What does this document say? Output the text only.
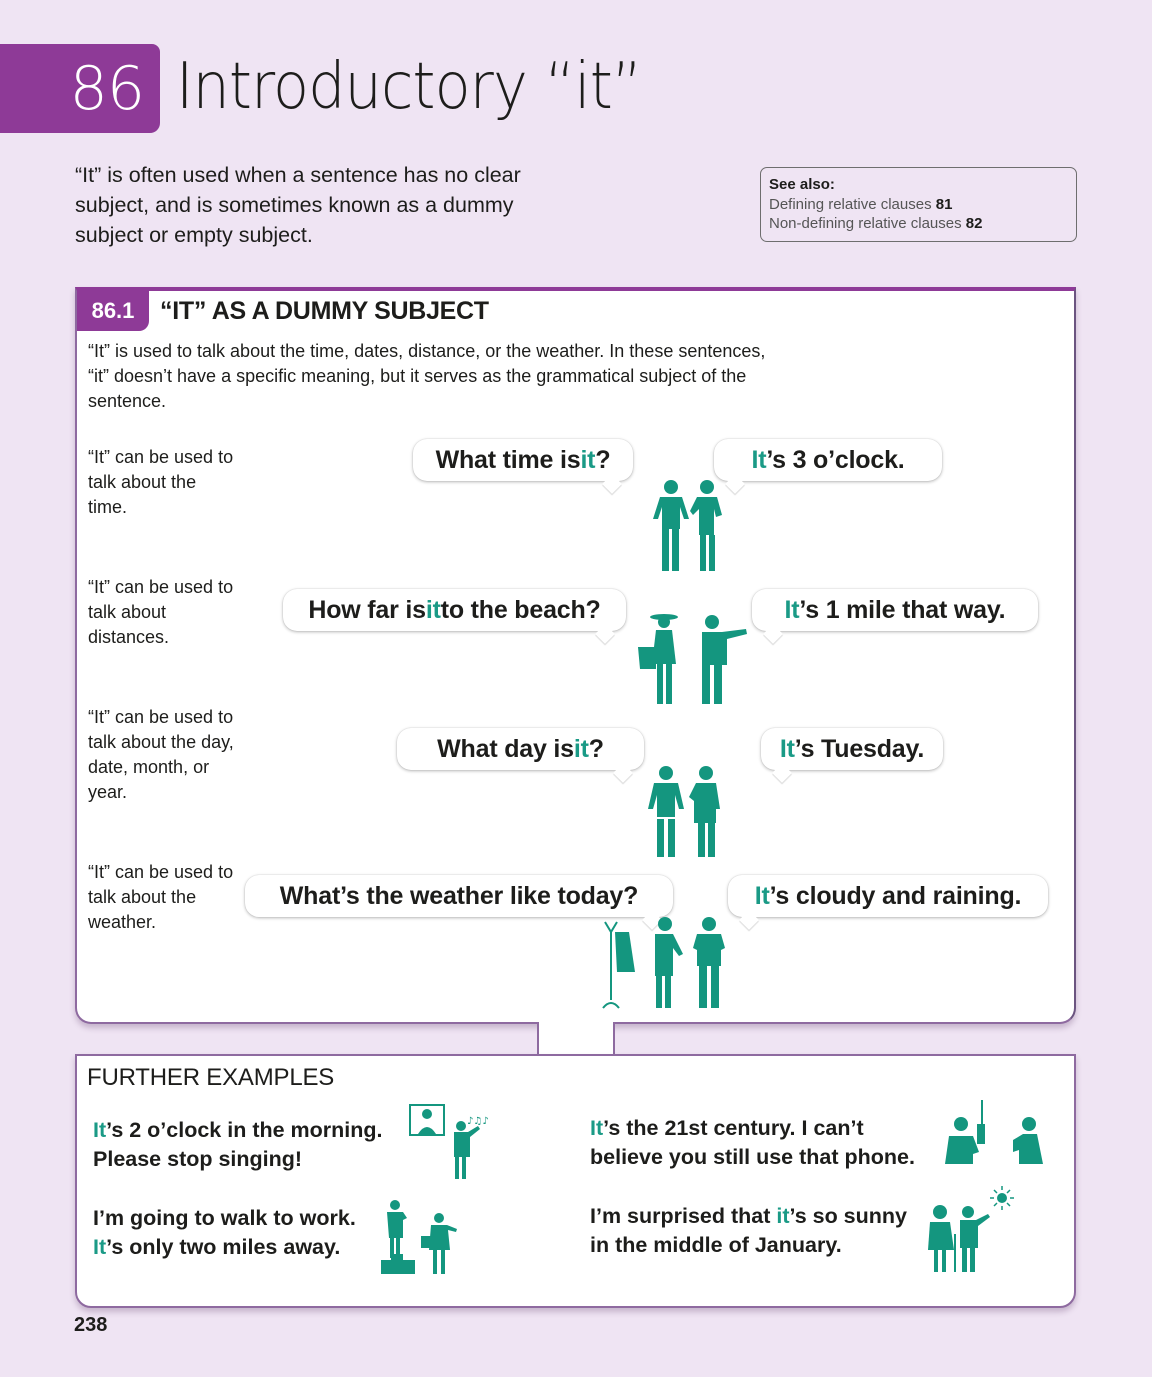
86 Introductory “it”

“It” is often used when a sentence has no clear subject, and is sometimes known as a dummy subject or empty subject.

See also:
Defining relative clauses 81
Non-defining relative clauses 82
86.1	“IT” AS A DUMMY SUBJECT

“It” is used to talk about the time, dates, distance, or the weather. In these sentences, “it” doesn’t have a specific meaning, but it serves as the grammatical subject of the sentence.

“It” can be used to talk about the time.

What time is it ?	It ’s 3 o’clock.

“It” can be used to talk about distances.

How far is it to the beach?	It ’s 1 mile that way.

“It” can be used to talk about the day, date, month, or year.

What day is it ?	It ’s Tuesday.

“It” can be used to talk about the weather.

What’s the weather like today?	It ’s cloudy and raining.
FURTHER EXAMPLES
It’s 2 o’clock in the morning.
Please stop singing!
♪♫♪
I’m going to walk to work.
It’s only two miles away.
It’s the 21st century. I can’t
believe you still use that phone.
I’m surprised that it’s so sunny
in the middle of January.
238
